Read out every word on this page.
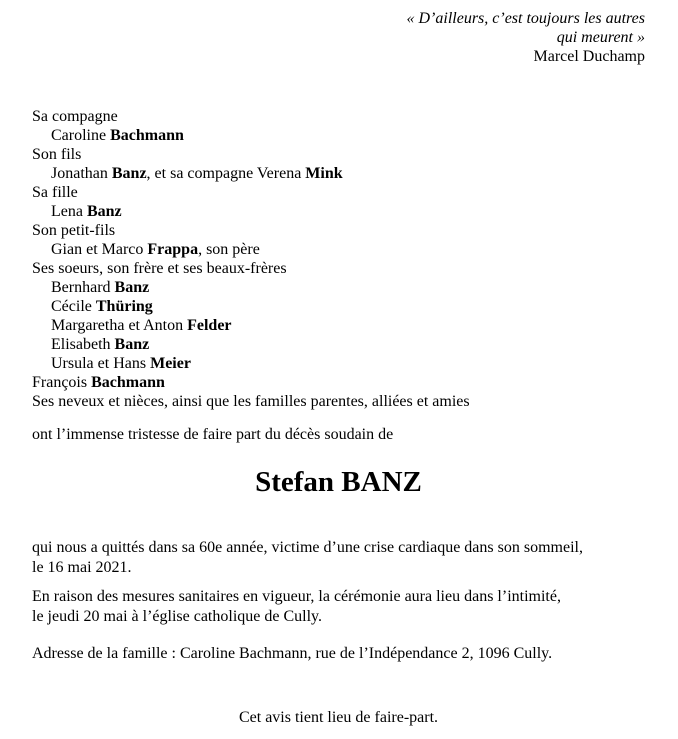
« D’ailleurs, c’est toujours les autres
qui meurent »
Marcel Duchamp
Sa compagne
Caroline Bachmann
Son fils
Jonathan Banz, et sa compagne Verena Mink
Sa fille
Lena Banz
Son petit-fils
Gian et Marco Frappa, son père
Ses soeurs, son frère et ses beaux-frères
Bernhard Banz
Cécile Thüring
Margaretha et Anton Felder
Elisabeth Banz
Ursula et Hans Meier
François Bachmann
Ses neveux et nièces, ainsi que les familles parentes, alliées et amies

ont l’immense tristesse de faire part du décès soudain de

Stefan BANZ

qui nous a quittés dans sa 60e année, victime d’une crise cardiaque dans son sommeil,
le 16 mai 2021.

En raison des mesures sanitaires en vigueur, la cérémonie aura lieu dans l’intimité,
le jeudi 20 mai à l’église catholique de Cully.

Adresse de la famille : Caroline Bachmann, rue de l’Indépendance 2, 1096 Cully.

Cet avis tient lieu de faire-part.
